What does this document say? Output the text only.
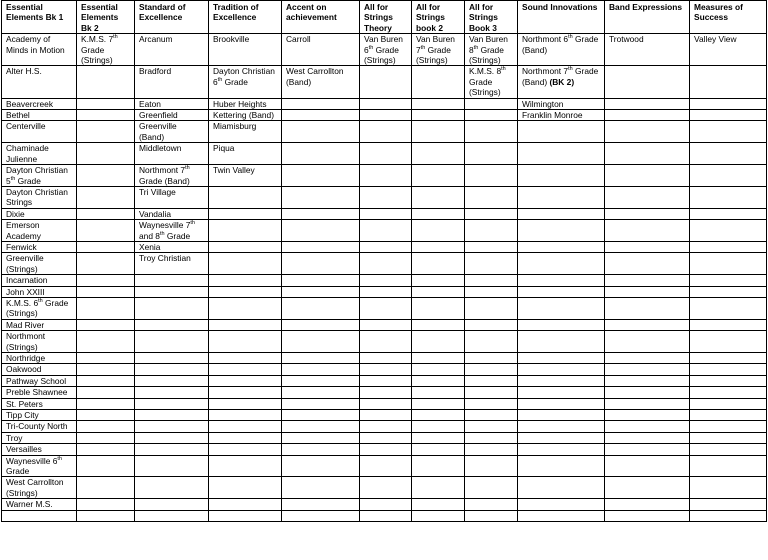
Essential Elements Bk 1	Essential Elements Bk 2	Standard of Excellence	Tradition of Excellence	Accent on achievement	All for Strings Theory	All for Strings book 2	All for Strings Book 3	Sound Innovations	Band Expressions	Measures of Success
Academy of Minds in Motion	K.M.S. 7th Grade (Strings)	Arcanum	Brookville	Carroll	Van Buren 6th Grade (Strings)	Van Buren 7th Grade (Strings)	Van Buren 8th Grade (Strings)	Northmont 6th Grade (Band)	Trotwood	Valley View
Alter H.S.		Bradford	Dayton Christian 6th Grade	West Carrollton (Band)			K.M.S. 8th Grade (Strings)	Northmont 7th Grade (Band) (BK 2)		
Beavercreek		Eaton	Huber Heights					Wilmington		
Bethel		Greenfield	Kettering (Band)					Franklin Monroe		
Centerville		Greenville (Band)	Miamisburg							
Chaminade Julienne		Middletown	Piqua							
Dayton Christian 5th Grade		Northmont 7th Grade (Band)	Twin Valley							
Dayton Christian Strings		Tri Village								
Dixie		Vandalia								
Emerson Academy		Waynesville 7th and 8th Grade								
Fenwick		Xenia								
Greenville (Strings)		Troy Christian								
Incarnation										
John XXIII										
K.M.S. 6th Grade (Strings)										
Mad River										
Northmont (Strings)										
Northridge										
Oakwood										
Pathway School										
Preble Shawnee										
St. Peters										
Tipp City										
Tri-County North										
Troy										
Versailles										
Waynesville 6th Grade										
West Carrollton (Strings)										
Warner M.S.										
